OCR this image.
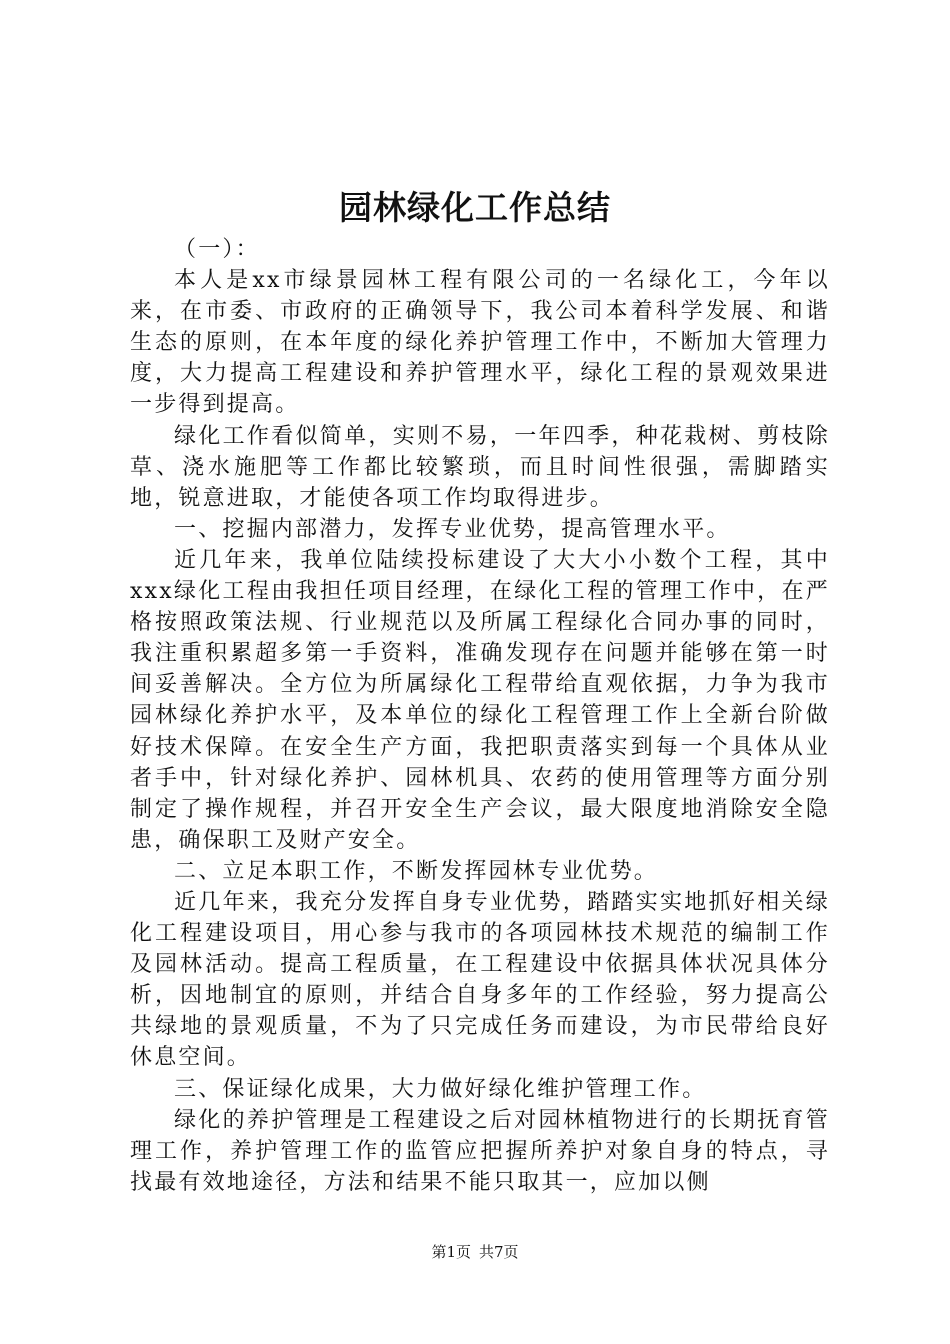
园林绿化工作总结

（一）：

本人是xx市绿景园林工程有限公司的一名绿化工，今年以来，在市委、市政府的正确领导下，我公司本着科学发展、和谐生态的原则，在本年度的绿化养护管理工作中，不断加大管理力度，大力提高工程建设和养护管理水平，绿化工程的景观效果进一步得到提高。

绿化工作看似简单，实则不易，一年四季，种花栽树、剪枝除草、浇水施肥等工作都比较繁琐，而且时间性很强，需脚踏实地，锐意进取，才能使各项工作均取得进步。

一、挖掘内部潜力，发挥专业优势，提高管理水平。

近几年来，我单位陆续投标建设了大大小小数个工程，其中xxx绿化工程由我担任项目经理，在绿化工程的管理工作中，在严格按照政策法规、行业规范以及所属工程绿化合同办事的同时，我注重积累超多第一手资料，准确发现存在问题并能够在第一时间妥善解决。全方位为所属绿化工程带给直观依据，力争为我市园林绿化养护水平，及本单位的绿化工程管理工作上全新台阶做好技术保障。在安全生产方面，我把职责落实到每一个具体从业者手中，针对绿化养护、园林机具、农药的使用管理等方面分别制定了操作规程，并召开安全生产会议，最大限度地消除安全隐患，确保职工及财产安全。

二、立足本职工作，不断发挥园林专业优势。

近几年来，我充分发挥自身专业优势，踏踏实实地抓好相关绿化工程建设项目，用心参与我市的各项园林技术规范的编制工作及园林活动。提高工程质量，在工程建设中依据具体状况具体分析，因地制宜的原则，并结合自身多年的工作经验，努力提高公共绿地的景观质量，不为了只完成任务而建设，为市民带给良好休息空间。

三、保证绿化成果，大力做好绿化维护管理工作。

绿化的养护管理是工程建设之后对园林植物进行的长期抚育管理工作，养护管理工作的监管应把握所养护对象自身的特点，寻找最有效地途径，方法和结果不能只取其一，应加以侧

第1页 共7页
